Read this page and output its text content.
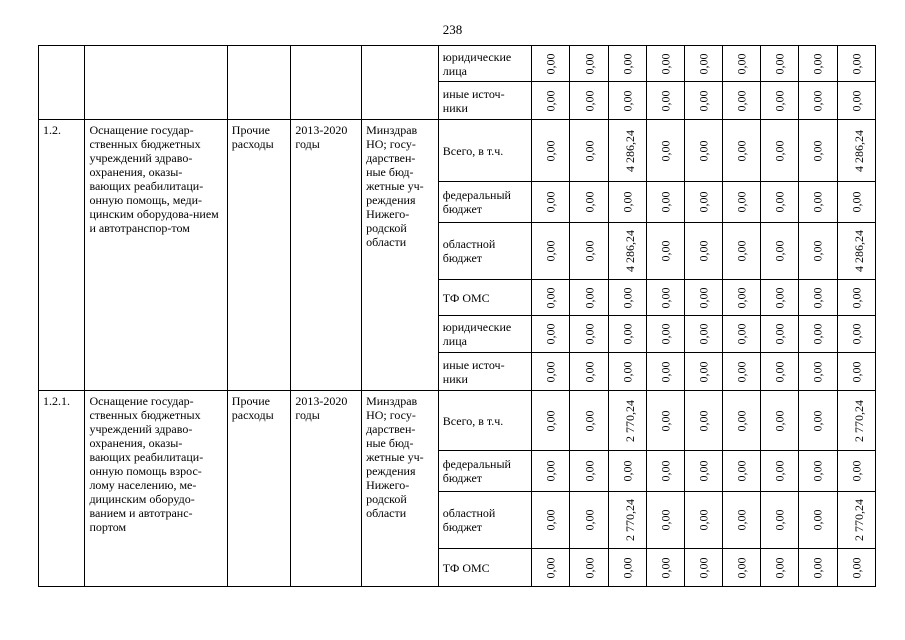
238
					юридические лица	0,00	0,00	0,00	0,00	0,00	0,00	0,00	0,00	0,00
					иные источ-ники	0,00	0,00	0,00	0,00	0,00	0,00	0,00	0,00	0,00
1.2.	Оснащение государ-ственных бюджетных учреждений здраво-охранения, оказы-вающих реабилитаци-онную помощь, меди-цинским оборудова-нием и автотранспор-том	Прочие расходы	2013-2020 годы	Минздрав НО; госу-дарствен-ные бюд-жетные уч-реждения Нижего-родской области	Всего, в т.ч.	0,00	0,00	4 286,24	0,00	0,00	0,00	0,00	0,00	4 286,24
					федеральный бюджет	0,00	0,00	0,00	0,00	0,00	0,00	0,00	0,00	0,00
					областной бюджет	0,00	0,00	4 286,24	0,00	0,00	0,00	0,00	0,00	4 286,24
					ТФ ОМС	0,00	0,00	0,00	0,00	0,00	0,00	0,00	0,00	0,00
					юридические лица	0,00	0,00	0,00	0,00	0,00	0,00	0,00	0,00	0,00
					иные источ-ники	0,00	0,00	0,00	0,00	0,00	0,00	0,00	0,00	0,00
1.2.1.	Оснащение государ-ственных бюджетных учреждений здраво-охранения, оказы-вающих реабилитаци-онную помощь взрос-лому населению, ме-дицинским оборудо-ванием и автотранс-портом	Прочие расходы	2013-2020 годы	Минздрав НО; госу-дарствен-ные бюд-жетные уч-реждения Нижего-родской области	Всего, в т.ч.	0,00	0,00	2 770,24	0,00	0,00	0,00	0,00	0,00	2 770,24
					федеральный бюджет	0,00	0,00	0,00	0,00	0,00	0,00	0,00	0,00	0,00
					областной бюджет	0,00	0,00	2 770,24	0,00	0,00	0,00	0,00	0,00	2 770,24
					ТФ ОМС	0,00	0,00	0,00	0,00	0,00	0,00	0,00	0,00	0,00
